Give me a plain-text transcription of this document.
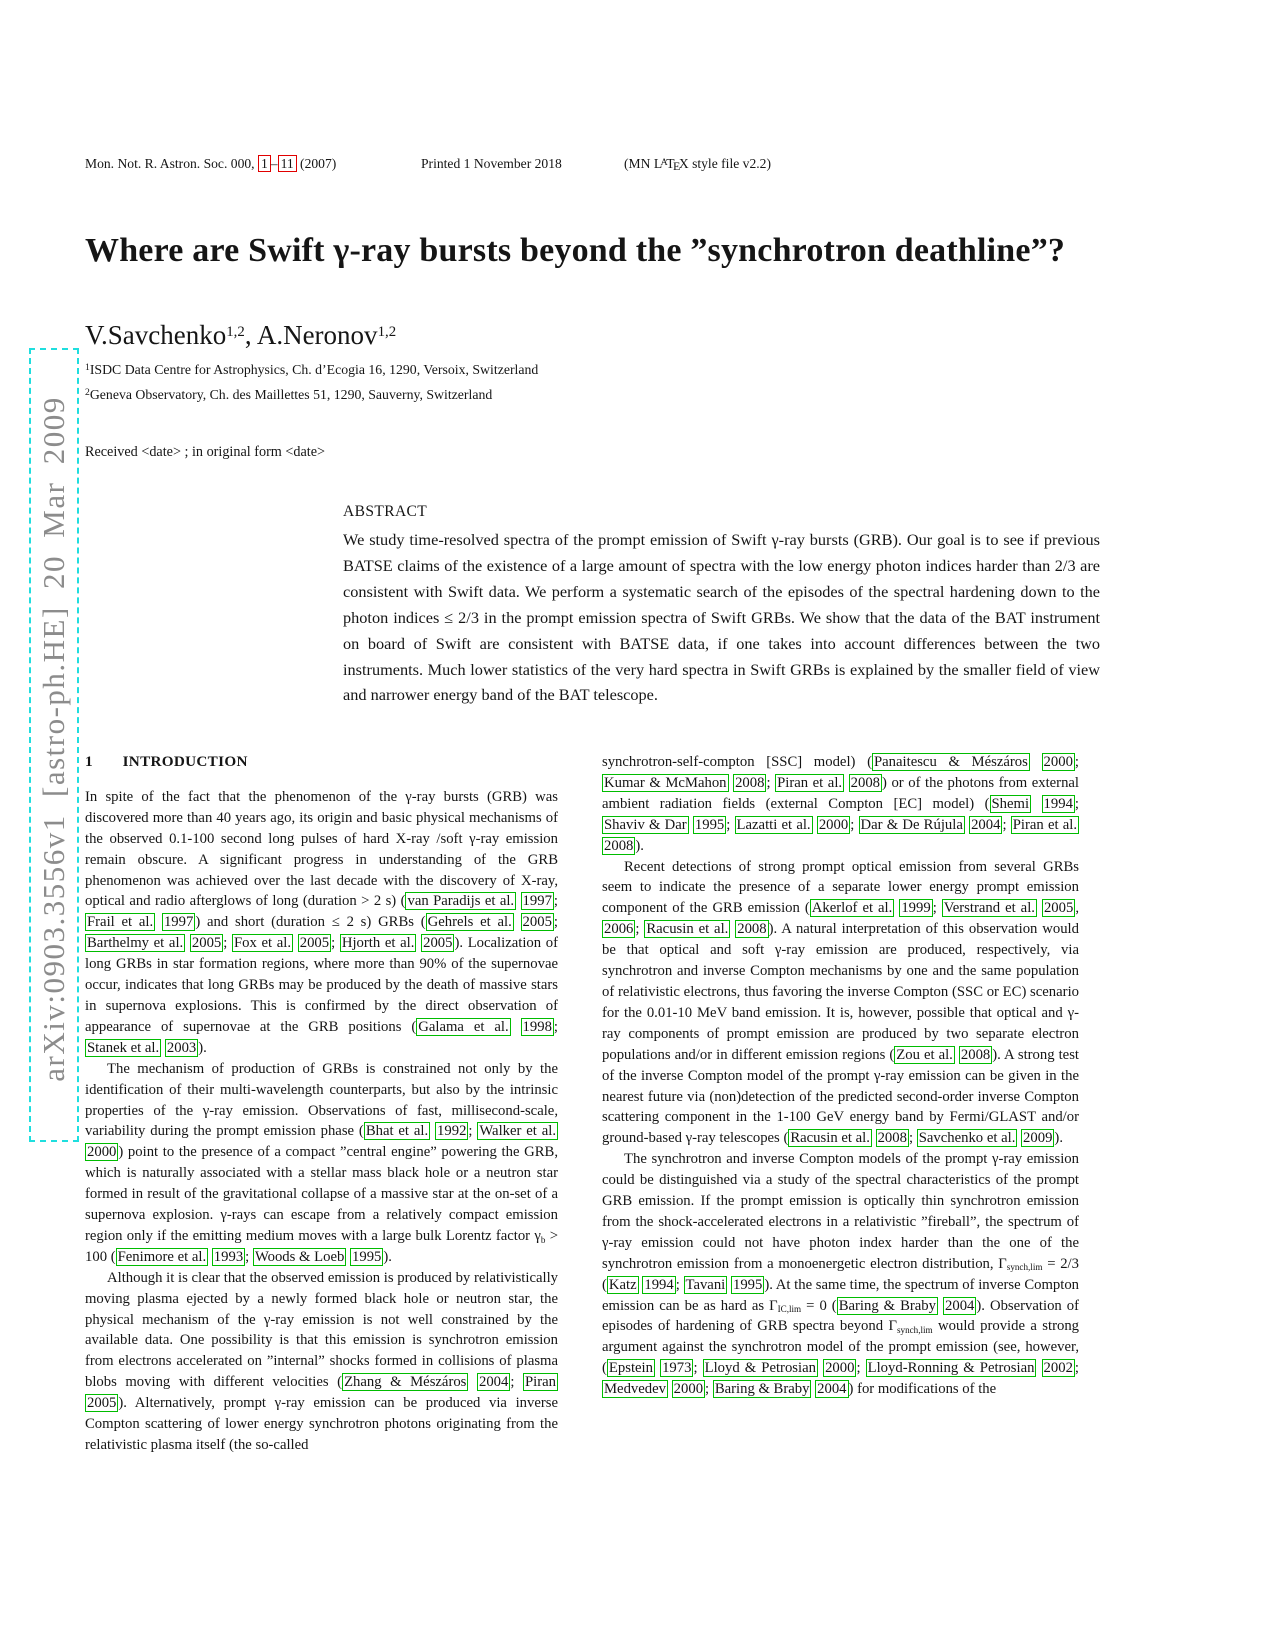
Mon. Not. R. Astron. Soc. 000, 1 – 11 (2007)	Printed 1 November 2018	(MN $L^ATEX$ style file v2.2)
arXiv:0903.3556v1 [astro-ph.HE] 20 Mar 2009
Where are Swift γ-ray bursts beyond the ”synchrotron deathline”?
V.Savchenko$^{1,2}$, A.Neronov$^{1,2}$
$^1$ISDC Data Centre for Astrophysics, Ch. d’Ecogia 16, 1290, Versoix, Switzerland
$^2$Geneva Observatory, Ch. des Maillettes 51, 1290, Sauverny, Switzerland
Received <date> ; in original form <date>
ABSTRACT
We study time-resolved spectra of the prompt emission of Swift γ-ray bursts (GRB). Our goal is to see if previous BATSE claims of the existence of a large amount of spectra with the low energy photon indices harder than 2/3 are consistent with Swift data. We perform a systematic search of the episodes of the spectral hardening down to the photon indices ≤ 2/3 in the prompt emission spectra of Swift GRBs. We show that the data of the BAT instrument on board of Swift are consistent with BATSE data, if one takes into account differences between the two instruments. Much lower statistics of the very hard spectra in Swift GRBs is explained by the smaller field of view and narrower energy band of the BAT telescope.
1 INTRODUCTION

In spite of the fact that the phenomenon of the γ-ray bursts (GRB) was discovered more than 40 years ago, its origin and basic physical mechanisms of the observed 0.1-100 second long pulses of hard X-ray /soft γ-ray emission remain obscure. A significant progress in understanding of the GRB phenomenon was achieved over the last decade with the discovery of X-ray, optical and radio afterglows of long (duration > 2 s) ( van Paradijs et al. 1997 ; Frail et al. 1997 ) and short (duration ≤ 2 s) GRBs ( Gehrels et al. 2005 ; Barthelmy et al. 2005 ; Fox et al. 2005 ; Hjorth et al. 2005 ). Localization of long GRBs in star formation regions, where more than 90% of the supernovae occur, indicates that long GRBs may be produced by the death of massive stars in supernova explosions. This is confirmed by the direct observation of appearance of supernovae at the GRB positions ( Galama et al. 1998 ; Stanek et al. 2003 ).

The mechanism of production of GRBs is constrained not only by the identification of their multi-wavelength counterparts, but also by the intrinsic properties of the γ-ray emission. Observations of fast, millisecond-scale, variability during the prompt emission phase ( Bhat et al. 1992 ; Walker et al. 2000 ) point to the presence of a compact ”central engine” powering the GRB, which is naturally associated with a stellar mass black hole or a neutron star formed in result of the gravitational collapse of a massive star at the on-set of a supernova explosion. γ-rays can escape from a relatively compact emission region only if the emitting medium moves with a large bulk Lorentz factor γb > 100 ( Fenimore et al. 1993 ; Woods & Loeb 1995 ).

Although it is clear that the observed emission is produced by relativistically moving plasma ejected by a newly formed black hole or neutron star, the physical mechanism of the γ-ray emission is not well constrained by the available data. One possibility is that this emission is synchrotron emission from electrons accelerated on ”internal” shocks formed in collisions of plasma blobs moving with different velocities ( Zhang & Mészáros 2004 ; Piran 2005 ). Alternatively, prompt γ-ray emission can be produced via inverse Compton scattering of lower energy synchrotron photons originating from the relativistic plasma itself (the so-called

synchrotron-self-compton [SSC] model) ( Panaitescu & Mészáros 2000 ; Kumar & McMahon 2008 ; Piran et al. 2008 ) or of the photons from external ambient radiation fields (external Compton [EC] model) ( Shemi 1994 ; Shaviv & Dar 1995 ; Lazatti et al. 2000 ; Dar & De Rújula 2004 ; Piran et al. 2008 ).

Recent detections of strong prompt optical emission from several GRBs seem to indicate the presence of a separate lower energy prompt emission component of the GRB emission ( Akerlof et al. 1999 ; Verstrand et al. 2005 , 2006 ; Racusin et al. 2008 ). A natural interpretation of this observation would be that optical and soft γ-ray emission are produced, respectively, via synchrotron and inverse Compton mechanisms by one and the same population of relativistic electrons, thus favoring the inverse Compton (SSC or EC) scenario for the 0.01-10 MeV band emission. It is, however, possible that optical and γ-ray components of prompt emission are produced by two separate electron populations and/or in different emission regions ( Zou et al. 2008 ). A strong test of the inverse Compton model of the prompt γ-ray emission can be given in the nearest future via (non)detection of the predicted second-order inverse Compton scattering component in the 1-100 GeV energy band by Fermi/GLAST and/or ground-based γ-ray telescopes ( Racusin et al. 2008 ; Savchenko et al. 2009 ).

The synchrotron and inverse Compton models of the prompt γ-ray emission could be distinguished via a study of the spectral characteristics of the prompt GRB emission. If the prompt emission is optically thin synchrotron emission from the shock-accelerated electrons in a relativistic ”fireball”, the spectrum of γ-ray emission could not have photon index harder than the one of the synchrotron emission from a monoenergetic electron distribution, Γsynch,lim = 2/3 ( Katz 1994 ; Tavani 1995 ). At the same time, the spectrum of inverse Compton emission can be as hard as ΓIC,lim = 0 ( Baring & Braby 2004 ). Observation of episodes of hardening of GRB spectra beyond Γsynch,lim would provide a strong argument against the synchrotron model of the prompt emission (see, however, ( Epstein 1973 ; Lloyd & Petrosian 2000 ; Lloyd-Ronning & Petrosian 2002 ; Medvedev 2000 ; Baring & Braby 2004 ) for modifications of the
